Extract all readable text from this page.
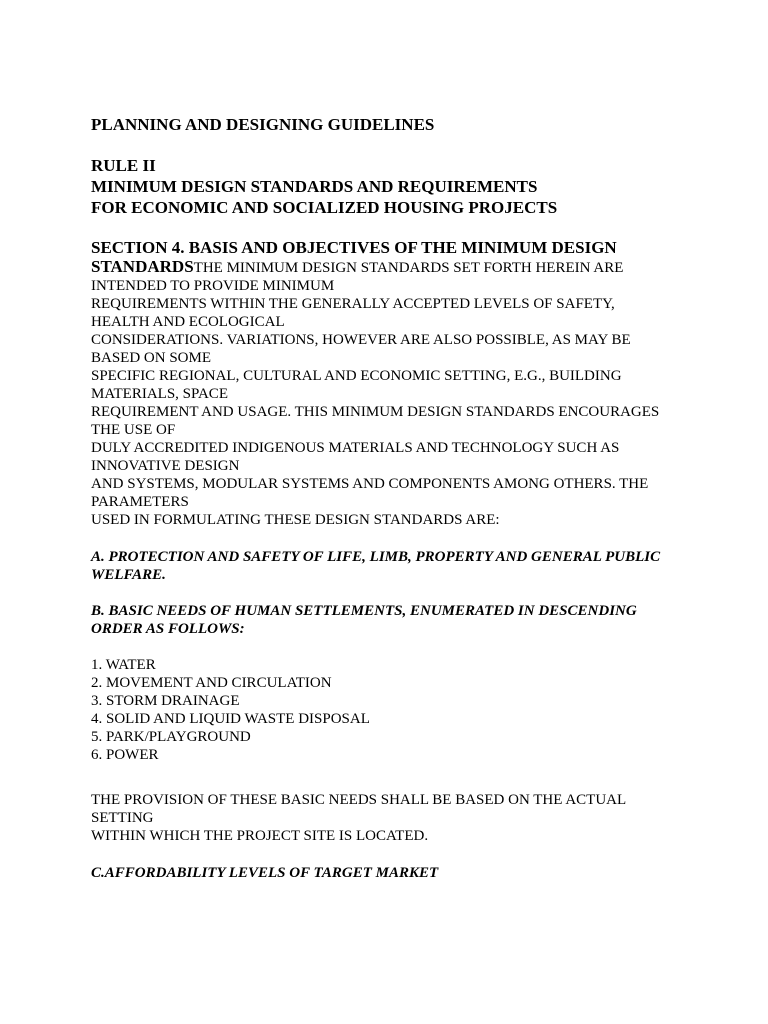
PLANNING AND DESIGNING GUIDELINES

RULE II

MINIMUM DESIGN STANDARDS AND REQUIREMENTS

FOR ECONOMIC AND SOCIALIZED HOUSING PROJECTS

SECTION 4. BASIS AND OBJECTIVES OF THE MINIMUM DESIGN

STANDARDSTHE MINIMUM DESIGN STANDARDS SET FORTH HEREIN ARE

INTENDED TO PROVIDE MINIMUM

REQUIREMENTS WITHIN THE GENERALLY ACCEPTED LEVELS OF SAFETY,

HEALTH AND ECOLOGICAL

CONSIDERATIONS. VARIATIONS, HOWEVER ARE ALSO POSSIBLE, AS MAY BE

BASED ON SOME

SPECIFIC REGIONAL, CULTURAL AND ECONOMIC SETTING, E.G., BUILDING

MATERIALS, SPACE

REQUIREMENT AND USAGE. THIS MINIMUM DESIGN STANDARDS ENCOURAGES

THE USE OF

DULY ACCREDITED INDIGENOUS MATERIALS AND TECHNOLOGY SUCH AS

INNOVATIVE DESIGN

AND SYSTEMS, MODULAR SYSTEMS AND COMPONENTS AMONG OTHERS. THE

PARAMETERS

USED IN FORMULATING THESE DESIGN STANDARDS ARE:

A. PROTECTION AND SAFETY OF LIFE, LIMB, PROPERTY AND GENERAL PUBLIC

WELFARE.

B. BASIC NEEDS OF HUMAN SETTLEMENTS, ENUMERATED IN DESCENDING

ORDER AS FOLLOWS:

1. WATER

2. MOVEMENT AND CIRCULATION

3. STORM DRAINAGE

4. SOLID AND LIQUID WASTE DISPOSAL

5. PARK/PLAYGROUND

6. POWER

THE PROVISION OF THESE BASIC NEEDS SHALL BE BASED ON THE ACTUAL

SETTING

WITHIN WHICH THE PROJECT SITE IS LOCATED.

C.AFFORDABILITY LEVELS OF TARGET MARKET
